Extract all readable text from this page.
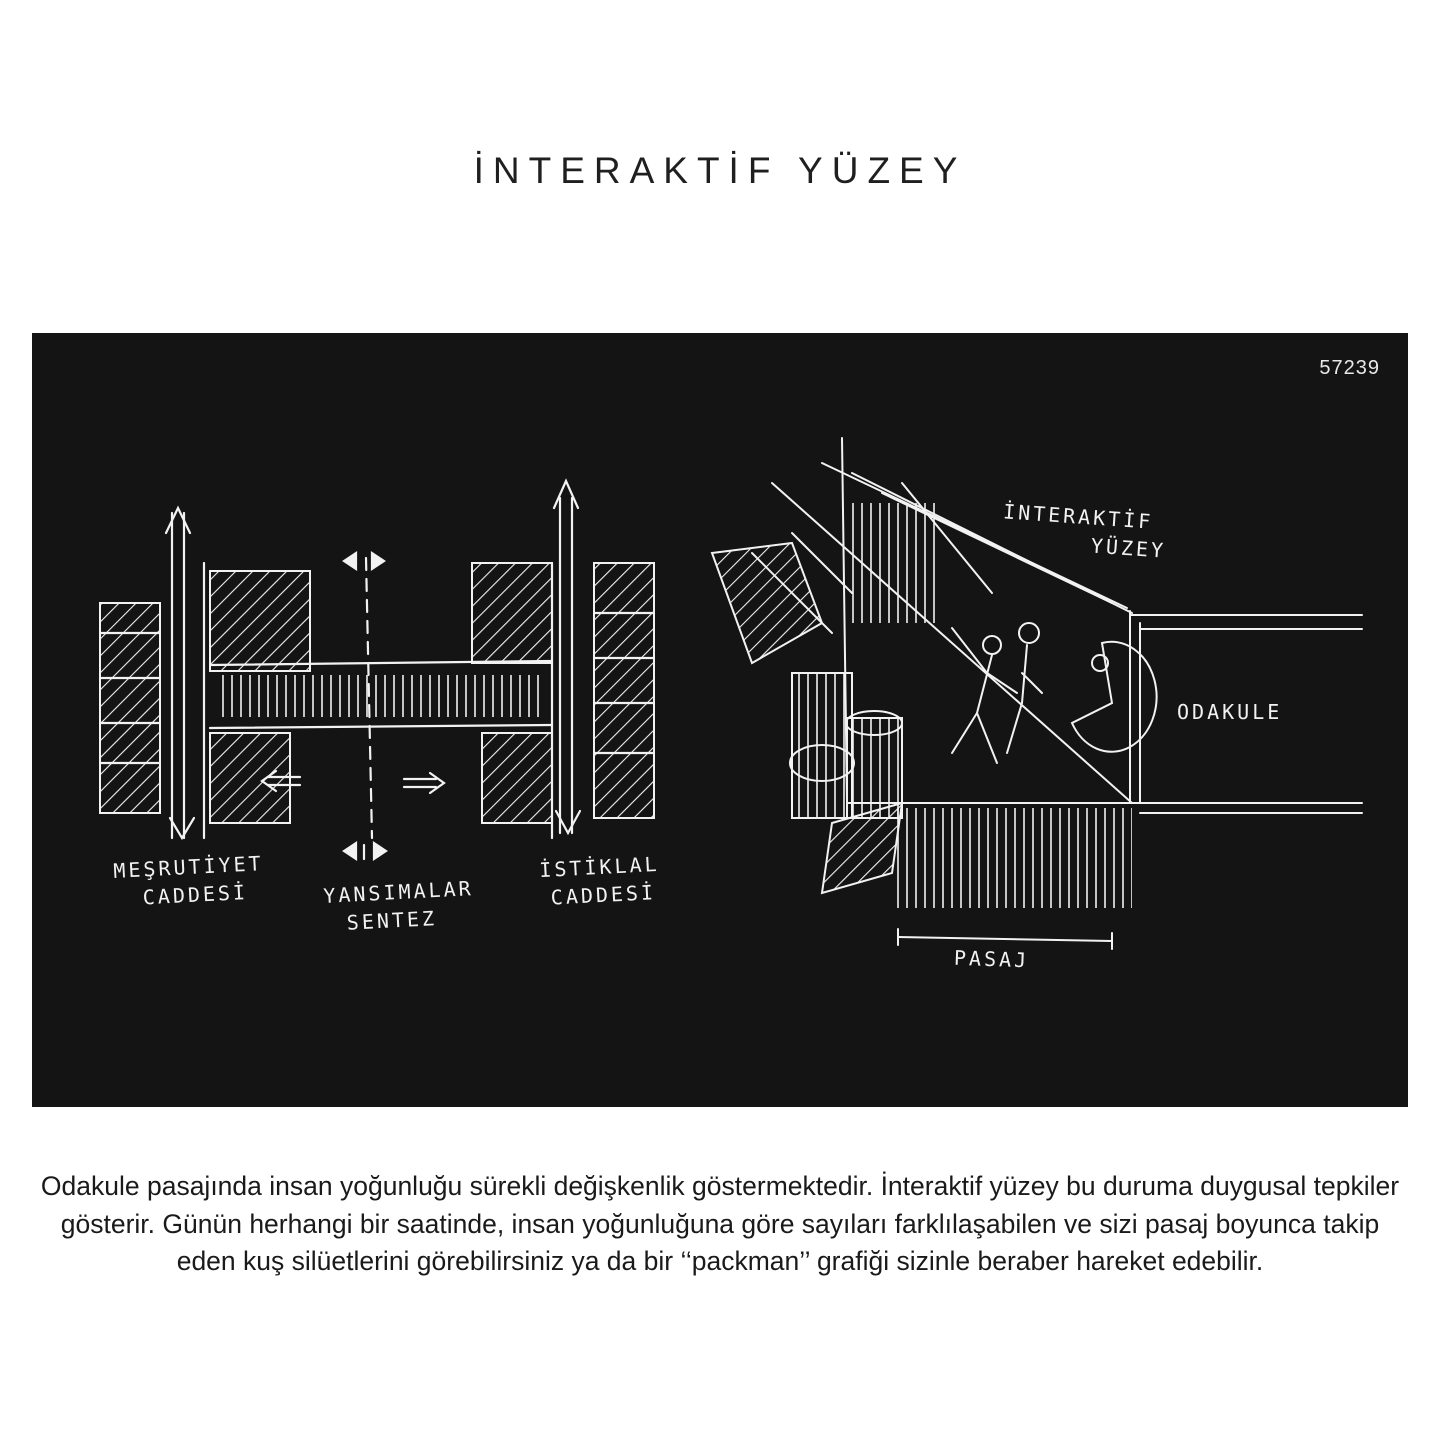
İNTERAKTİF YÜZEY
57239
MEŞRUTİYET
CADDESİ	YANSIMALAR
SENTEZ
İSTİKLAL
CADDESİ
İNTERAKTİF
YÜZEY
ODAKULE
PASAJ
Odakule pasajında insan yoğunluğu sürekli değişkenlik göstermektedir. İnteraktif yüzey bu duruma duygusal tepkiler gösterir. Günün herhangi bir saatinde, insan yoğunluğuna göre sayıları farklılaşabilen ve sizi pasaj boyunca takip eden kuş silüetlerini görebilirsiniz ya da bir ‘‘packman’’ grafiği sizinle beraber hareket edebilir.
